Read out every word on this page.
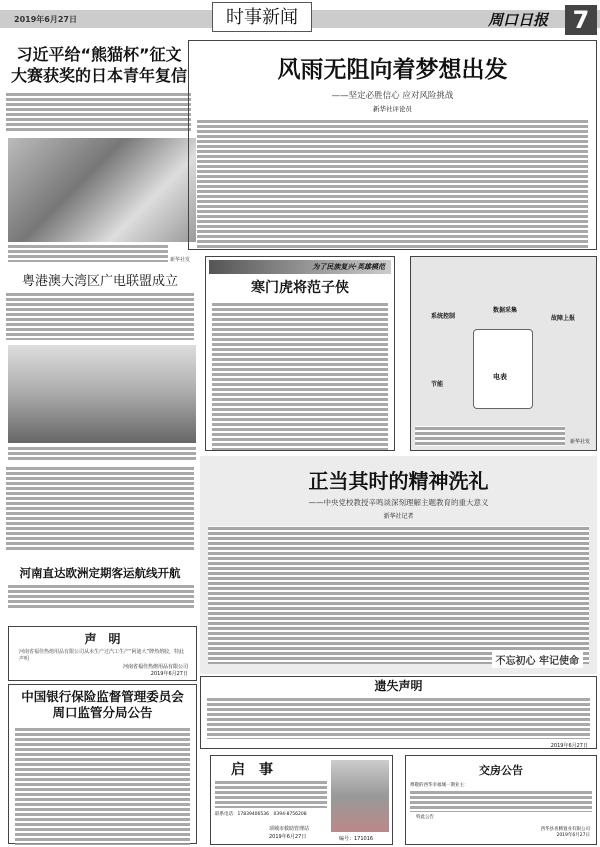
2019年6月27日	时事新闻	周口日报	7
习近平给“熊猫杯”征文
大赛获奖的日本青年复信
新华社发
粤港澳大湾区广电联盟成立
河南直达欧洲定期客运航线开航
声　明
河南省福佳热熔用品有限公司从未生产过汽工生产“阿迪大”牌热熔胶，特此声明
河南省福佳热熔用品有限公司
2019年6月27日
中国银行保险监督管理委员会
周口监管分局公告
风雨无阻向着梦想出发
——坚定必胜信心 应对风险挑战
新华社评论员
为了民族复兴·英雄模范
寒门虎将范子侠
系统控制
数据采集
故障上报
节能
电表
新华社发
正当其时的精神洗礼
——中央党校教授辛鸣谈深刻理解主题教育的重大意义
新华社记者
不忘初心 牢记使命
遗失声明
2019年6月27日
启　事
联系电话：17839406536　0394-8756208
项城市救助管理站
2019年6月27日	编号：171016
交房公告
尊敬的西华幸福城一期业主：
特此公告
西华县喜腾置业有限公司
2019年6月27日
